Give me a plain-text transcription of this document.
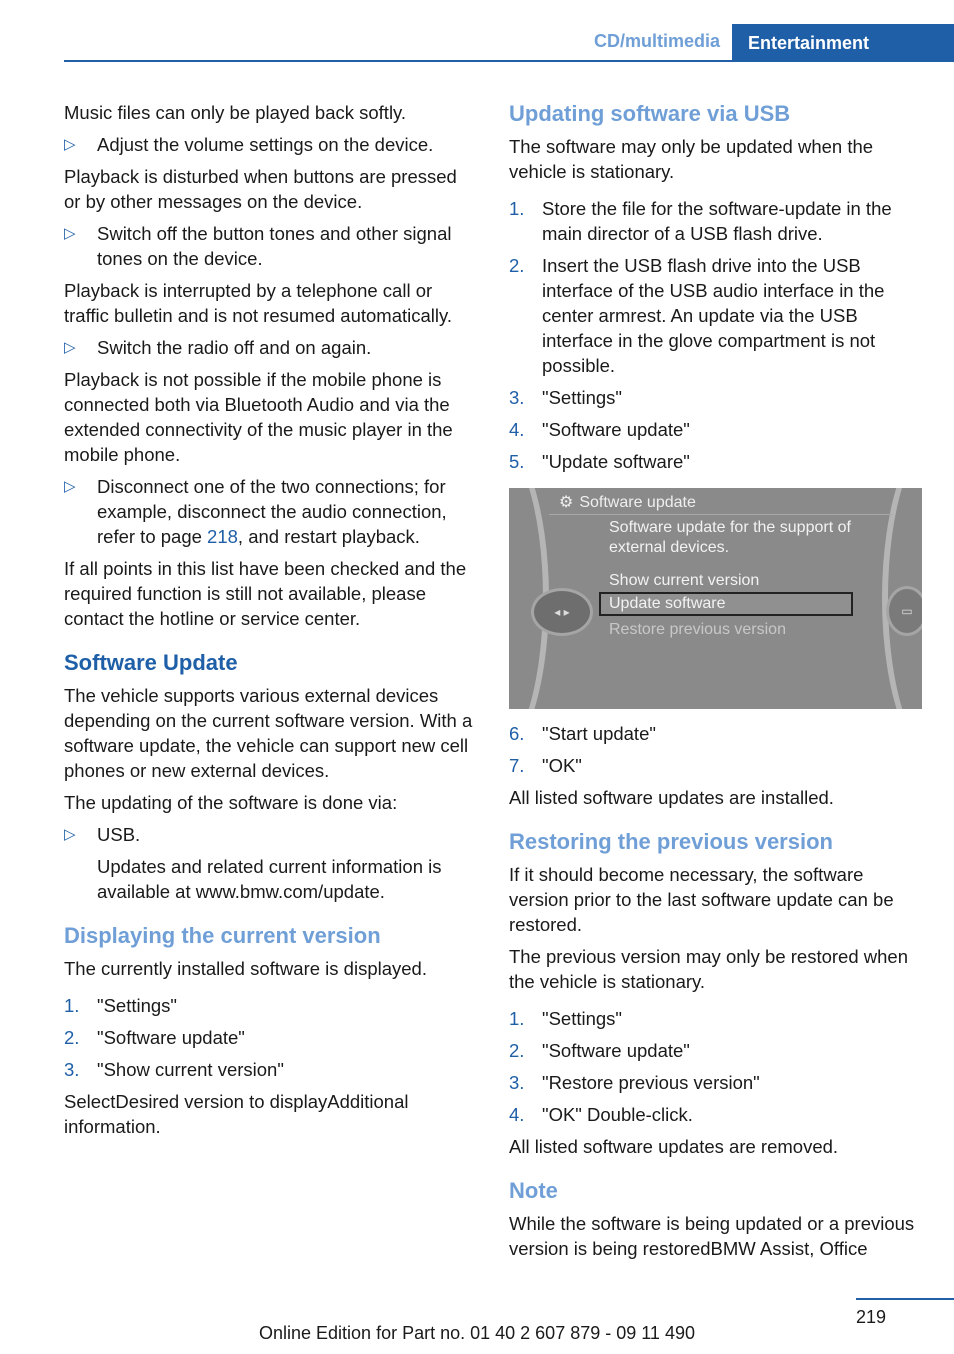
CD/multimedia	Entertainment

Music files can only be played back softly.

▷ Adjust the volume settings on the device.

Playback is disturbed when buttons are pressed or by other messages on the device.

▷ Switch off the button tones and other signal tones on the device.

Playback is interrupted by a telephone call or traffic bulletin and is not resumed automatically.

▷ Switch the radio off and on again.

Playback is not possible if the mobile phone is connected both via Bluetooth Audio and via the extended connectivity of the music player in the mobile phone.

▷ Disconnect one of the two connections; for example, disconnect the audio connection, refer to page 218, and restart playback.

If all points in this list have been checked and the required function is still not available, please contact the hotline or service center.

Software Update

The vehicle supports various external devices depending on the current software version. With a software update, the vehicle can support new cell phones or new external devices.

The updating of the software is done via:

▷ USB.

Updates and related current information is available at www.bmw.com/update.

Displaying the current version

The currently installed software is displayed.

1. "Settings"
2. "Software update"
3. "Show current version"

SelectDesired version to displayAdditional information.

Updating software via USB

The software may only be updated when the vehicle is stationary.

1. Store the file for the software-update in the main director of a USB flash drive.
2. Insert the USB flash drive into the USB interface of the USB audio interface in the center armrest. An update via the USB interface in the glove compartment is not possible.
3. "Settings"
4. "Software update"
5. "Update software"
◂ ▸	▭
⚙ Software update
Software update for the support of external devices.
Show current version
Update software
Restore previous version
6. "Start update"
7. "OK"

All listed software updates are installed.

Restoring the previous version

If it should become necessary, the software version prior to the last software update can be restored.

The previous version may only be restored when the vehicle is stationary.

1. "Settings"
2. "Software update"
3. "Restore previous version"
4. "OK" Double-click.

All listed software updates are removed.

Note

While the software is being updated or a previous version is being restoredBMW Assist, Office

219
Online Edition for Part no. 01 40 2 607 879 - 09 11 490
